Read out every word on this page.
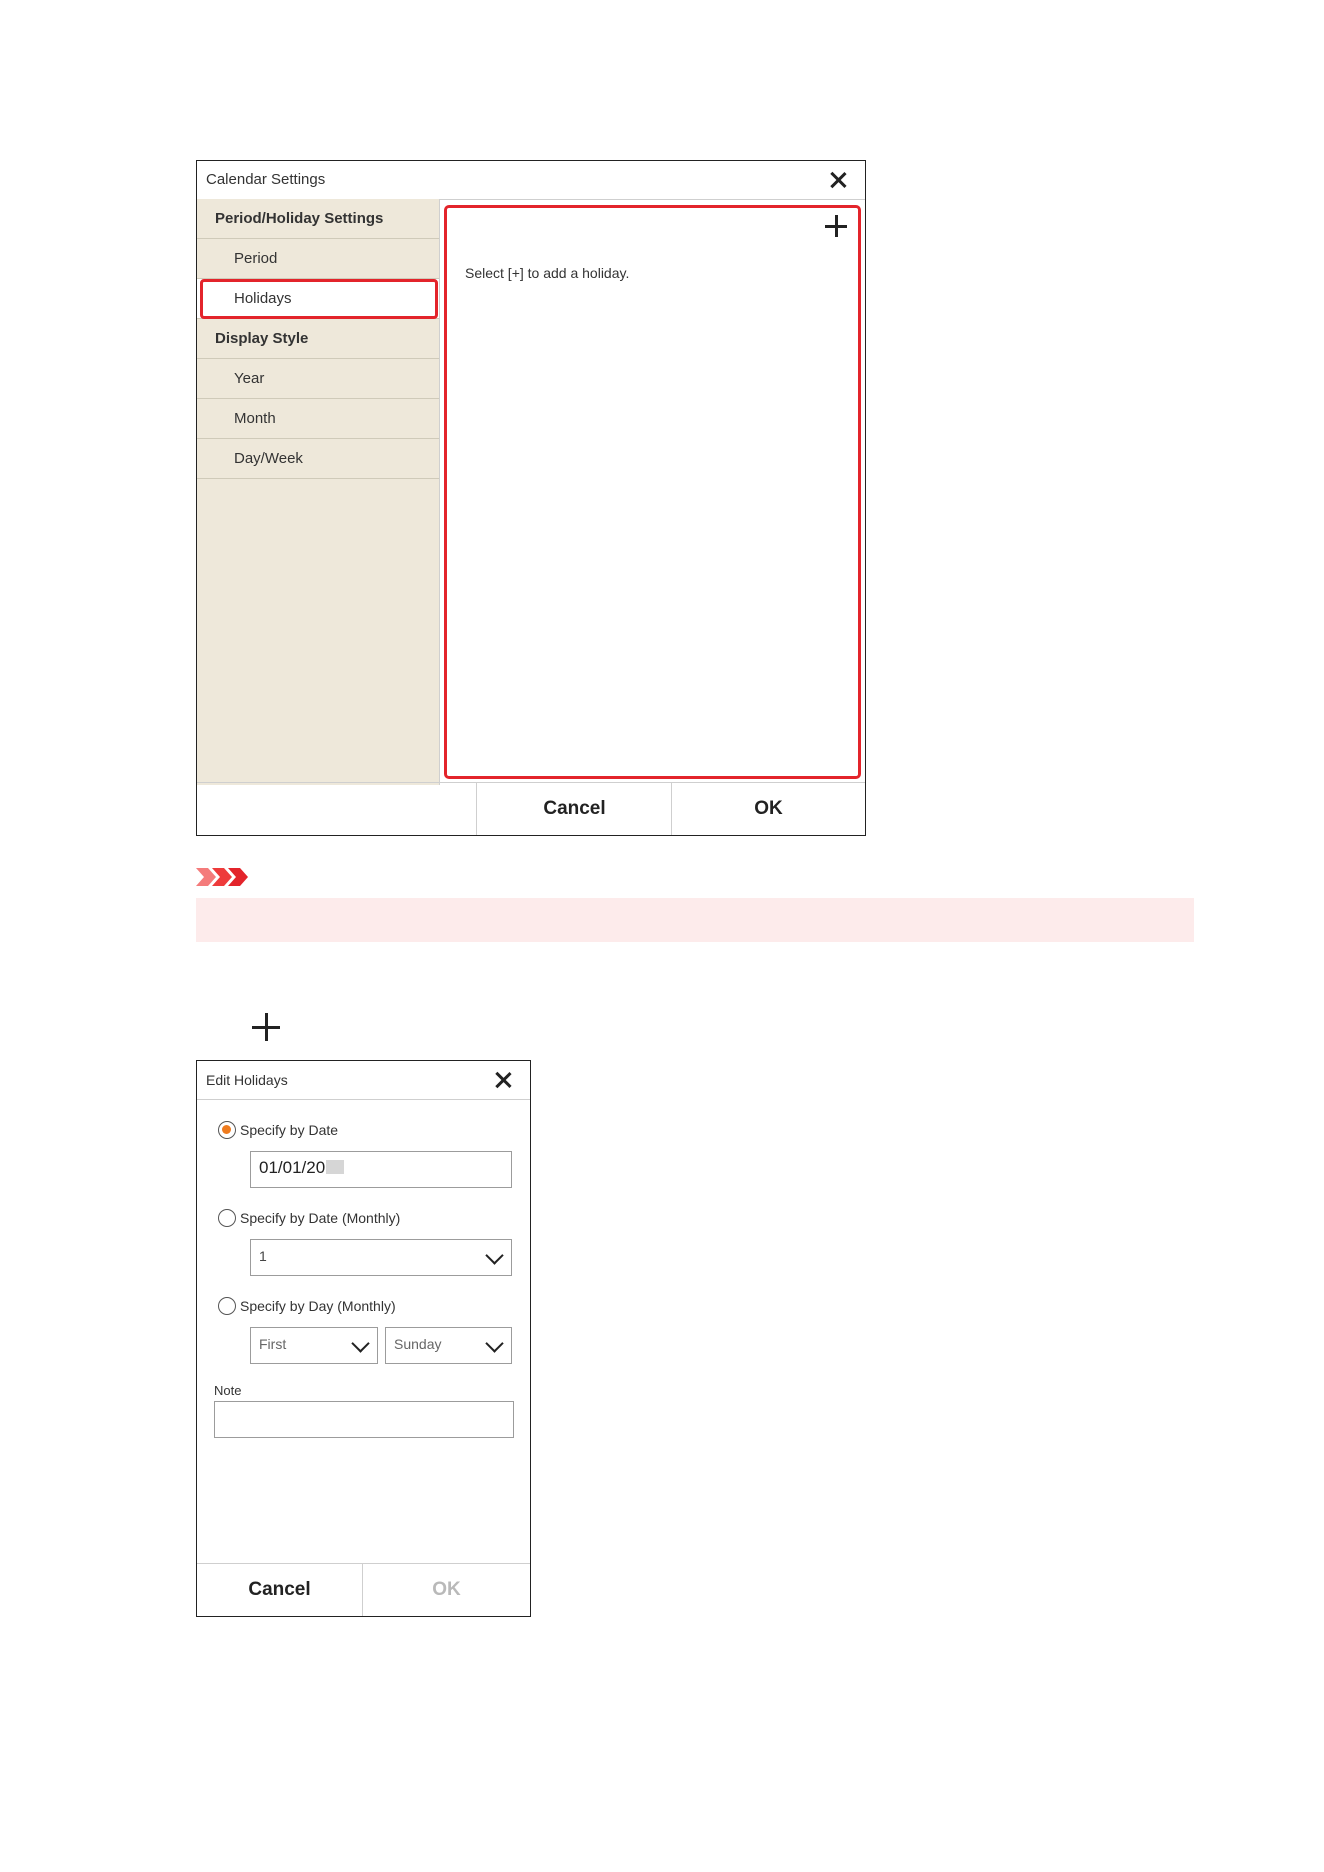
Calendar Settings
Period/Holiday Settings
Period
Holidays
Display Style
Year
Month
Day/Week
Select [+] to add a holiday.
Cancel	OK
Edit Holidays
Specify by Date
01/01/20
Specify by Date (Monthly)
1
Specify by Day (Monthly)
First	Sunday
Note
Cancel	OK
